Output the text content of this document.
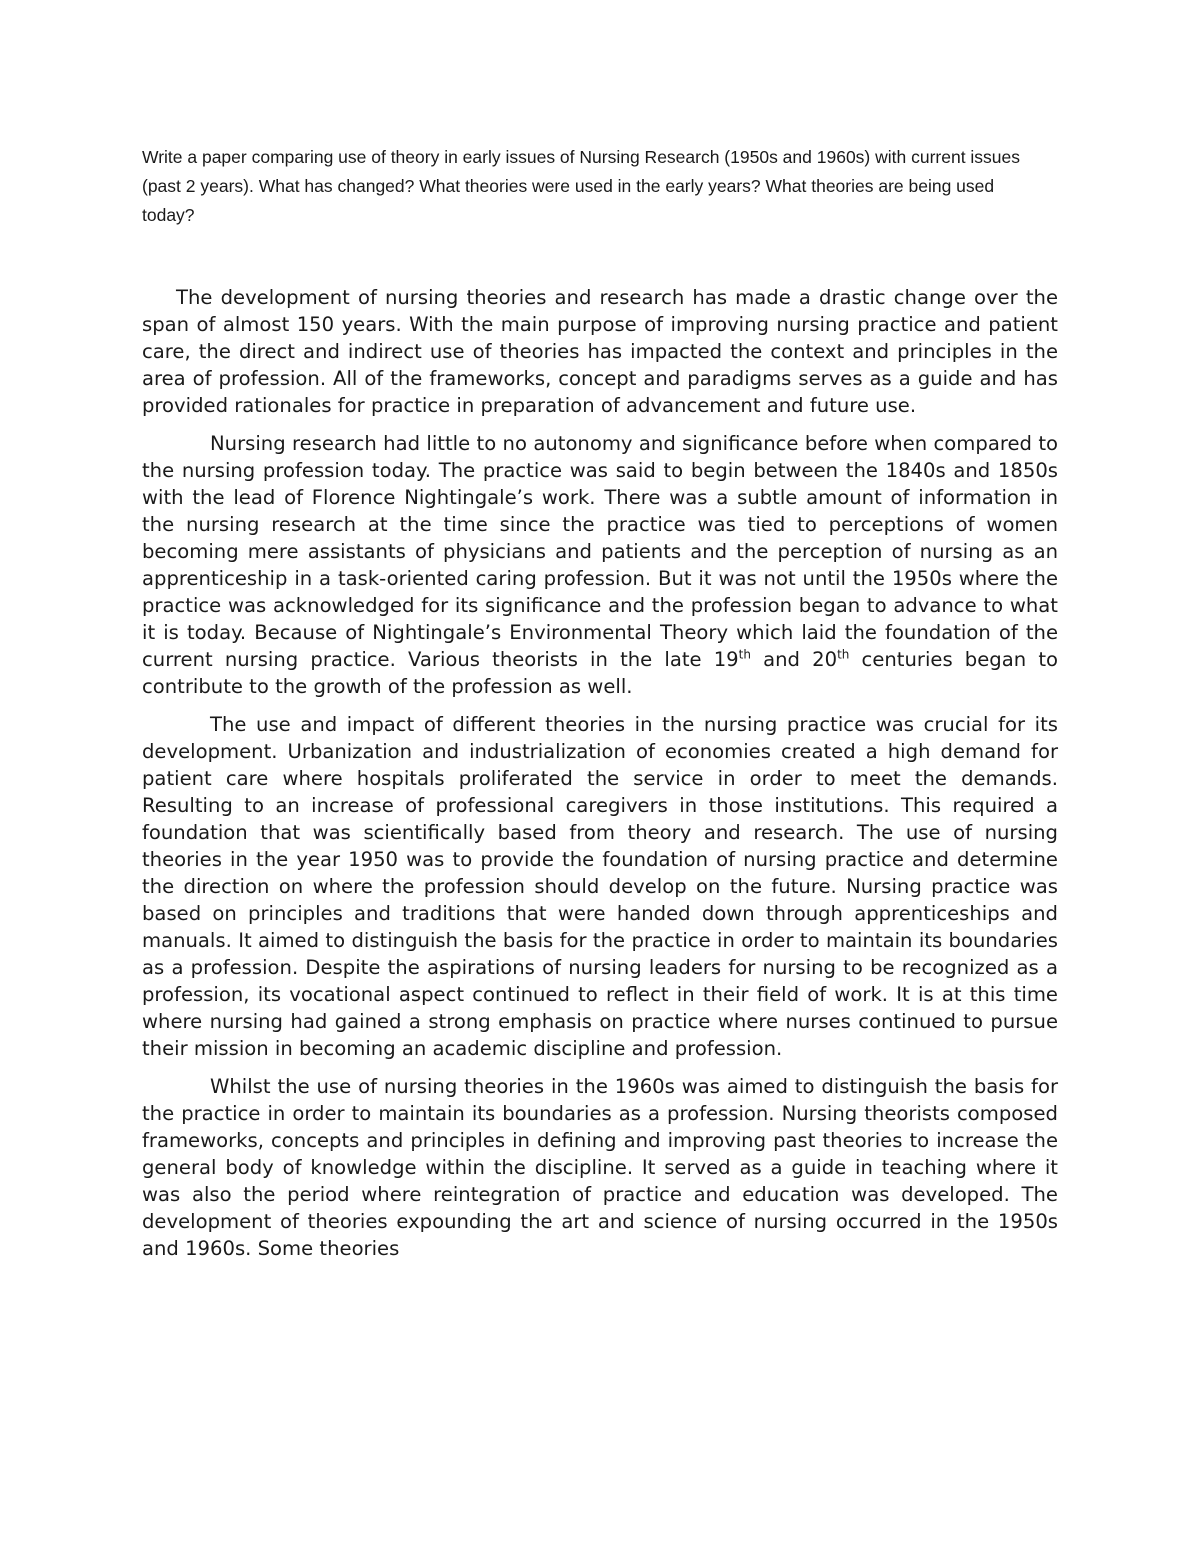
Write a paper comparing use of theory in early issues of Nursing Research (1950s and 1960s) with current issues (past 2 years). What has changed? What theories were used in the early years? What theories are being used today?

The development of nursing theories and research has made a drastic change over the span of almost 150 years. With the main purpose of improving nursing practice and patient care, the direct and indirect use of theories has impacted the context and principles in the area of profession. All of the frameworks, concept and paradigms serves as a guide and has provided rationales for practice in preparation of advancement and future use.

Nursing research had little to no autonomy and significance before when compared to the nursing profession today. The practice was said to begin between the 1840s and 1850s with the lead of Florence Nightingale’s work. There was a subtle amount of information in the nursing research at the time since the practice was tied to perceptions of women becoming mere assistants of physicians and patients and the perception of nursing as an apprenticeship in a task-oriented caring profession. But it was not until the 1950s where the practice was acknowledged for its significance and the profession began to advance to what it is today. Because of Nightingale’s Environmental Theory which laid the foundation of the current nursing practice. Various theorists in the late 19th and 20th centuries began to contribute to the growth of the profession as well.

The use and impact of different theories in the nursing practice was crucial for its development. Urbanization and industrialization of economies created a high demand for patient care where hospitals proliferated the service in order to meet the demands. Resulting to an increase of professional caregivers in those institutions. This required a foundation that was scientifically based from theory and research. The use of nursing theories in the year 1950 was to provide the foundation of nursing practice and determine the direction on where the profession should develop on the future. Nursing practice was based on principles and traditions that were handed down through apprenticeships and manuals. It aimed to distinguish the basis for the practice in order to maintain its boundaries as a profession. Despite the aspirations of nursing leaders for nursing to be recognized as a profession, its vocational aspect continued to reflect in their field of work. It is at this time where nursing had gained a strong emphasis on practice where nurses continued to pursue their mission in becoming an academic discipline and profession.

Whilst the use of nursing theories in the 1960s was aimed to distinguish the basis for the practice in order to maintain its boundaries as a profession. Nursing theorists composed frameworks, concepts and principles in defining and improving past theories to increase the general body of knowledge within the discipline. It served as a guide in teaching where it was also the period where reintegration of practice and education was developed. The development of theories expounding the art and science of nursing occurred in the 1950s and 1960s. Some theories
